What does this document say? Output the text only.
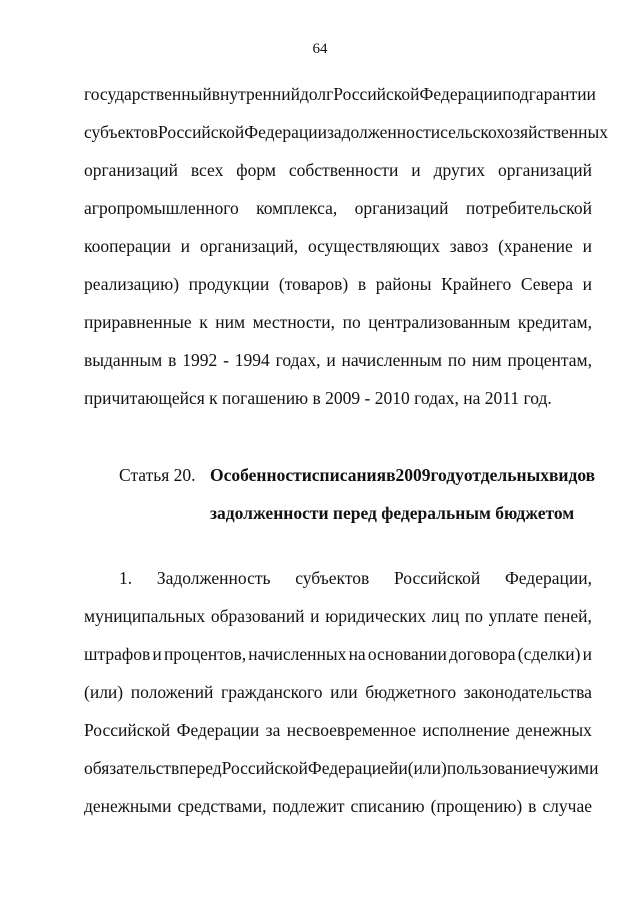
64
государственный внутренний долг Российской Федерации под гарантии
субъектов Российской Федерации задолженности сельскохозяйственных
организаций всех форм собственности и других организаций
агропромышленного комплекса, организаций потребительской
кооперации и организаций, осуществляющих завоз (хранение и
реализацию) продукции (товаров) в районы Крайнего Севера и
приравненные к ним местности, по централизованным кредитам,
выданным в 1992 - 1994 годах, и начисленным по ним процентам,
причитающейся к погашению в 2009 - 2010 годах, на 2011 год.
Статья 20. Особенности списания в 2009 году отдельных видов
задолженности перед федеральным бюджетом
1. Задолженность субъектов Российской Федерации,
муниципальных образований и юридических лиц по уплате пеней,
штрафов и процентов, начисленных на основании договора (сделки) и
(или) положений гражданского или бюджетного законодательства
Российской Федерации за несвоевременное исполнение денежных
обязательств перед Российской Федерацией и (или) пользование чужими
денежными средствами, подлежит списанию (прощению) в случае
